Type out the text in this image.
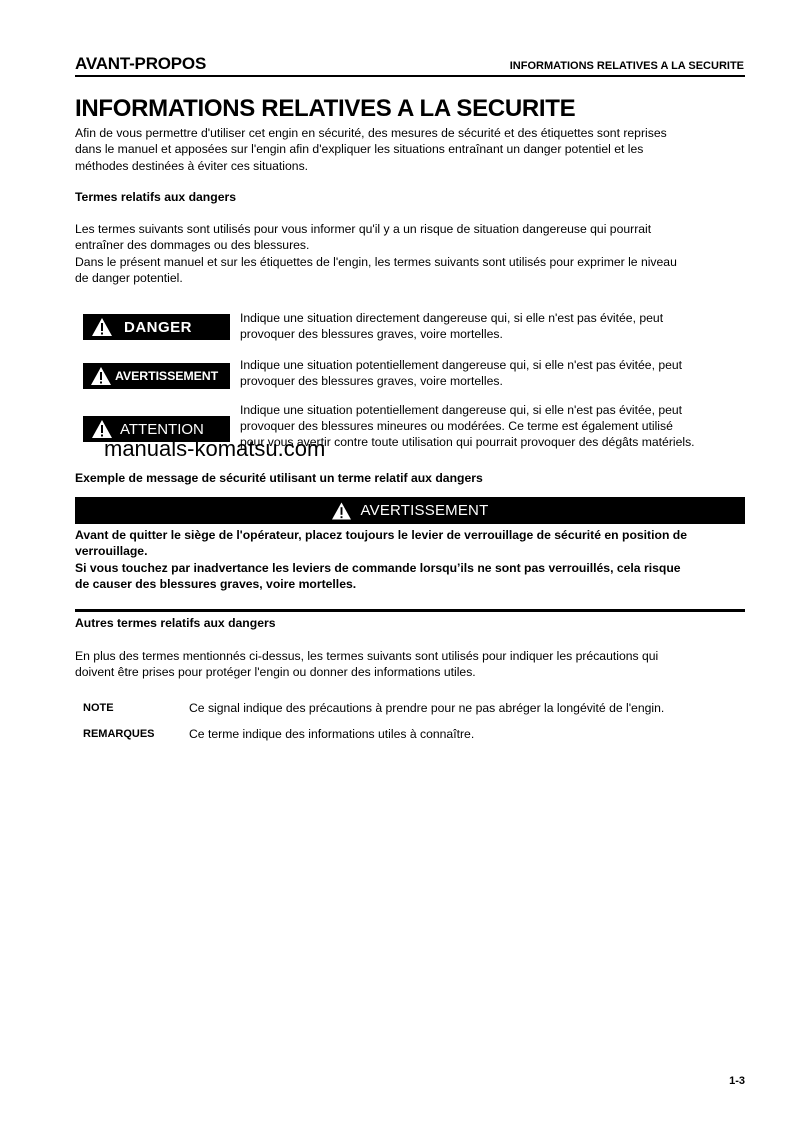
AVANT-PROPOS	INFORMATIONS RELATIVES A LA SECURITE
INFORMATIONS RELATIVES A LA SECURITE
Afin de vous permettre d'utiliser cet engin en sécurité, des mesures de sécurité et des étiquettes sont reprises
dans le manuel et apposées sur l'engin afin d'expliquer les situations entraînant un danger potentiel et les
méthodes destinées à éviter ces situations.
Termes relatifs aux dangers
Les termes suivants sont utilisés pour vous informer qu'il y a un risque de situation dangereuse qui pourrait
entraîner des dommages ou des blessures.
Dans le présent manuel et sur les étiquettes de l'engin, les termes suivants sont utilisés pour exprimer le niveau
de danger potentiel.
DANGER
Indique une situation directement dangereuse qui, si elle n'est pas évitée, peut
provoquer des blessures graves, voire mortelles.
AVERTISSEMENT
Indique une situation potentiellement dangereuse qui, si elle n'est pas évitée, peut
provoquer des blessures graves, voire mortelles.
ATTENTION
Indique une situation potentiellement dangereuse qui, si elle n'est pas évitée, peut
provoquer des blessures mineures ou modérées. Ce terme est également utilisé
pour vous avertir contre toute utilisation qui pourrait provoquer des dégâts matériels.
manuals-komatsu.com
Exemple de message de sécurité utilisant un terme relatif aux dangers
AVERTISSEMENT
Avant de quitter le siège de l'opérateur, placez toujours le levier de verrouillage de sécurité en position de
verrouillage.
Si vous touchez par inadvertance les leviers de commande lorsqu’ils ne sont pas verrouillés, cela risque
de causer des blessures graves, voire mortelles.
Autres termes relatifs aux dangers
En plus des termes mentionnés ci-dessus, les termes suivants sont utilisés pour indiquer les précautions qui
doivent être prises pour protéger l'engin ou donner des informations utiles.
NOTE	Ce signal indique des précautions à prendre pour ne pas abréger la longévité de l'engin.
REMARQUES	Ce terme indique des informations utiles à connaître.
1-3
